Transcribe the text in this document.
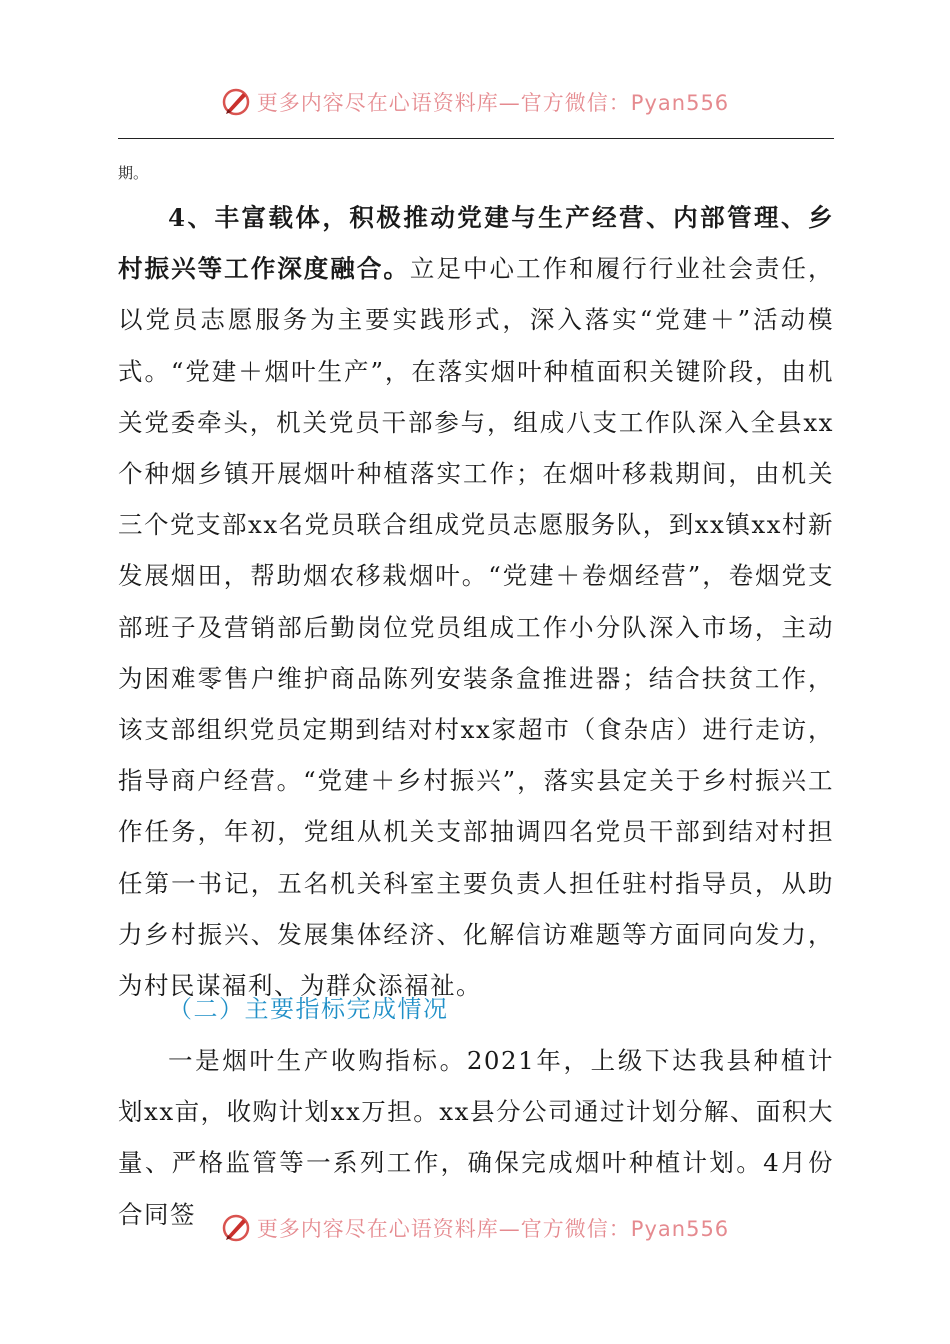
更多内容尽在心语资料库—官方微信：Pyan556
期。

4、丰富载体，积极推动党建与生产经营、内部管理、乡村振兴等工作深度融合。立足中心工作和履行行业社会责任，以党员志愿服务为主要实践形式，深入落实“党建＋”活动模式。“党建＋烟叶生产”，在落实烟叶种植面积关键阶段，由机关党委牵头，机关党员干部参与，组成八支工作队深入全县xx个种烟乡镇开展烟叶种植落实工作；在烟叶移栽期间，由机关三个党支部xx名党员联合组成党员志愿服务队，到xx镇xx村新发展烟田，帮助烟农移栽烟叶。“党建＋卷烟经营”，卷烟党支部班子及营销部后勤岗位党员组成工作小分队深入市场，主动为困难零售户维护商品陈列安装条盒推进器；结合扶贫工作，该支部组织党员定期到结对村xx家超市（食杂店）进行走访，指导商户经营。“党建＋乡村振兴”，落实县定关于乡村振兴工作任务，年初，党组从机关支部抽调四名党员干部到结对村担任第一书记，五名机关科室主要负责人担任驻村指导员，从助力乡村振兴、发展集体经济、化解信访难题等方面同向发力，为村民谋福利、为群众添福祉。

（二）主要指标完成情况

一是烟叶生产收购指标。2021年，上级下达我县种植计划xx亩，收购计划xx万担。xx县分公司通过计划分解、面积大量、严格监管等一系列工作，确保完成烟叶种植计划。4月份合同签

更多内容尽在心语资料库—官方微信：Pyan556
